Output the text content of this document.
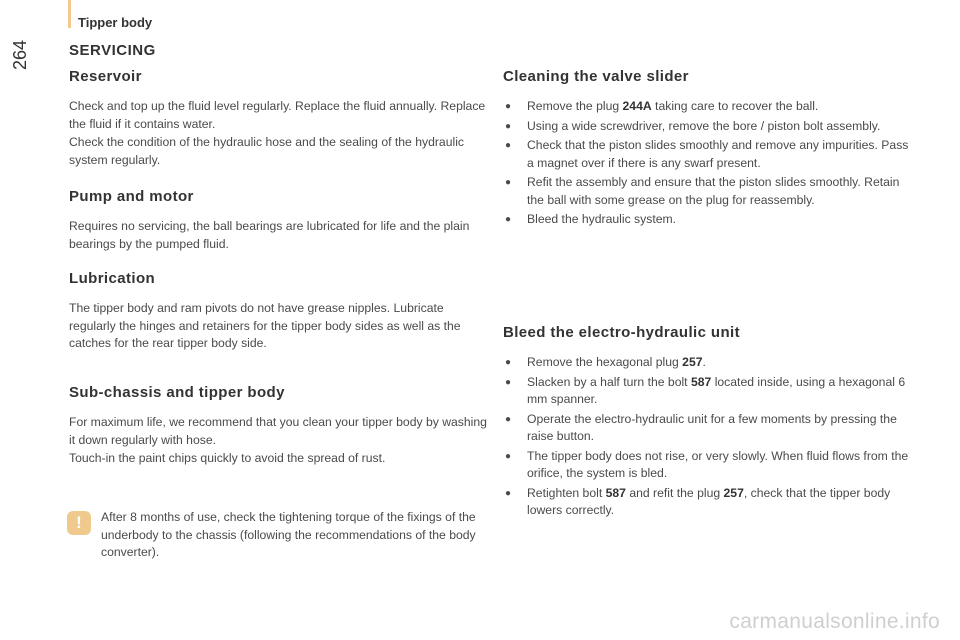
Tipper body
264	SERVICING
Reservoir

Check and top up the fluid level regularly. Replace the fluid annually. Replace the fluid if it contains water.

Check the condition of the hydraulic hose and the sealing of the hydraulic system regularly.

Pump and motor

Requires no servicing, the ball bearings are lubricated for life and the plain bearings by the pumped fluid.

Lubrication

The tipper body and ram pivots do not have grease nipples. Lubricate regularly the hinges and retainers for the tipper body sides as well as the catches for the rear tipper body side.

Sub-chassis and tipper body

For maximum life, we recommend that you clean your tipper body by washing it down regularly with hose.

Touch-in the paint chips quickly to avoid the spread of rust.

!	After 8 months of use, check the tightening torque of the fixings of the underbody to the chassis (following the recommendations of the body converter).

Cleaning the valve slider
● Remove the plug 244A taking care to recover the ball.
● Using a wide screwdriver, remove the bore / piston bolt assembly.
● Check that the piston slides smoothly and remove any impurities. Pass a magnet over if there is any swarf present.
● Refit the assembly and ensure that the piston slides smoothly. Retain the ball with some grease on the plug for reassembly.
● Bleed the hydraulic system.
Bleed the electro-hydraulic unit
● Remove the hexagonal plug 257.
● Slacken by a half turn the bolt 587 located inside, using a hexagonal 6 mm spanner.
● Operate the electro-hydraulic unit for a few moments by pressing the raise button.
● The tipper body does not rise, or very slowly. When fluid flows from the orifice, the system is bled.
● Retighten bolt 587 and refit the plug 257, check that the tipper body lowers correctly.
carmanualsonline.info
